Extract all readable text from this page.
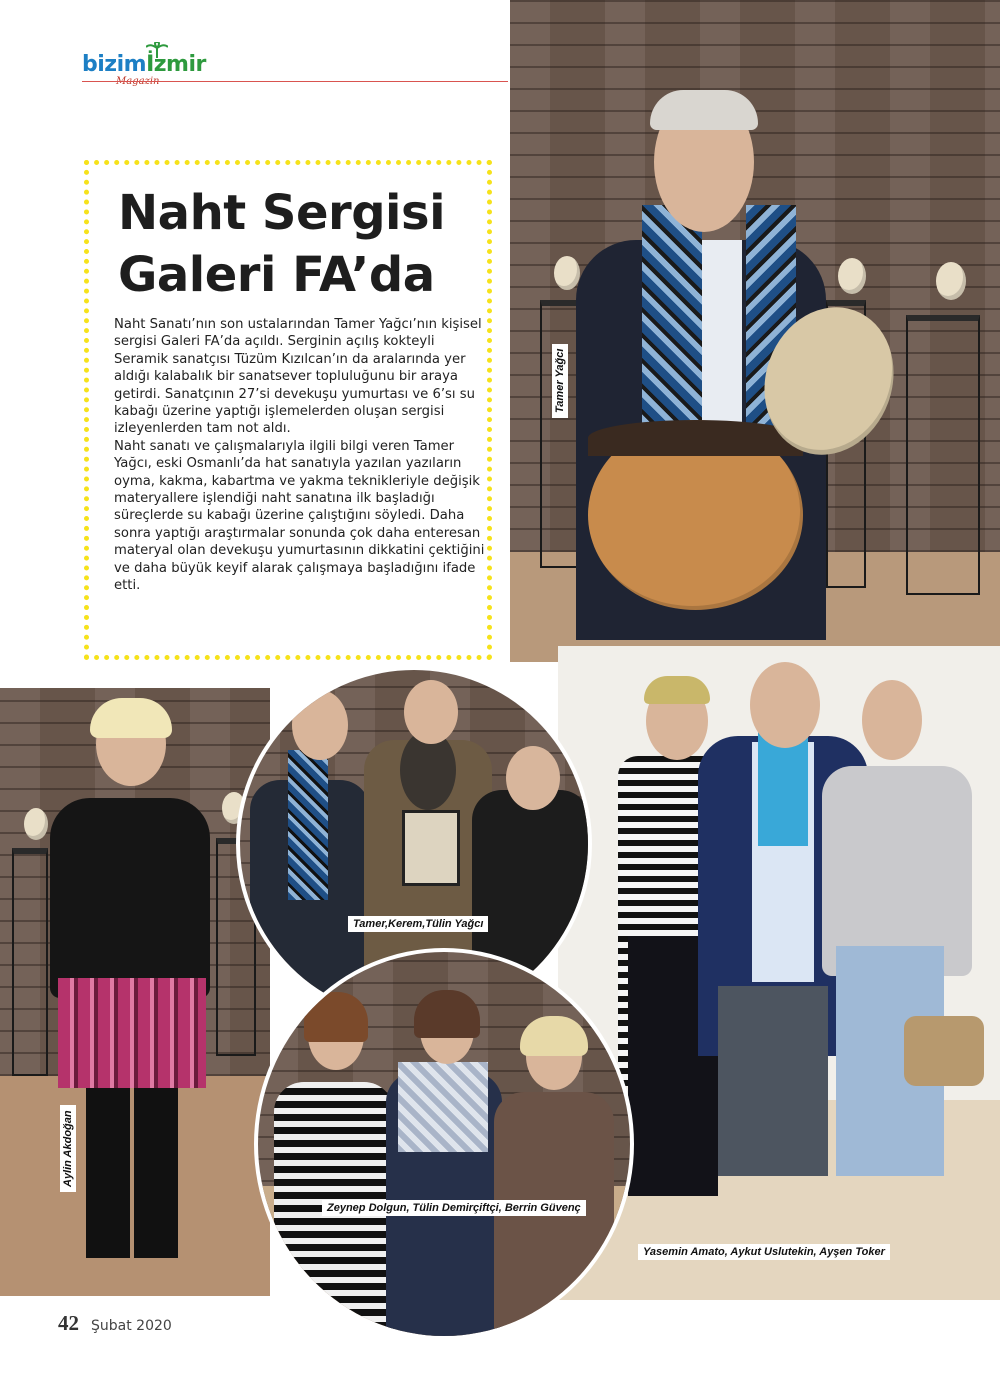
bizimİzmir
Tamer Yağcı
Naht Sergisi
Galeri FA’da

Naht Sanatı’nın son ustalarından Tamer Yağcı’nın kişisel sergisi Galeri FA’da açıldı. Serginin açılış kokteyli Seramik sanatçısı Tüzüm Kızılcan’ın da aralarında yer aldığı kalabalık bir sanatsever topluluğunu bir araya getirdi. Sanatçının 27’si devekuşu yumurtası ve 6’sı su kabağı üzerine yaptığı işlemelerden oluşan sergisi izleyenlerden tam not aldı.

Naht sanatı ve çalışmalarıyla ilgili bilgi veren Tamer Yağcı, eski Osmanlı’da hat sanatıyla yazılan yazıların oyma, kakma, kabartma ve yakma teknikleriyle değişik materyallere işlendiği naht sanatına ilk başladığı süreçlerde su kabağı üzerine çalıştığını söyledi. Daha sonra yaptığı araştırmalar sonunda çok daha enteresan materyal olan devekuşu yumurtasının dikkatini çektiğini ve daha büyük keyif alarak çalışmaya başladığını ifade etti.

Yasemin Amato, Aykut Uslutekin, Ayşen Toker
Aylin Akdoğan
Tamer,Kerem,Tülin Yağcı
Zeynep Dolgun, Tülin Demirçiftçi, Berrin Güvenç
42 Şubat 2020
